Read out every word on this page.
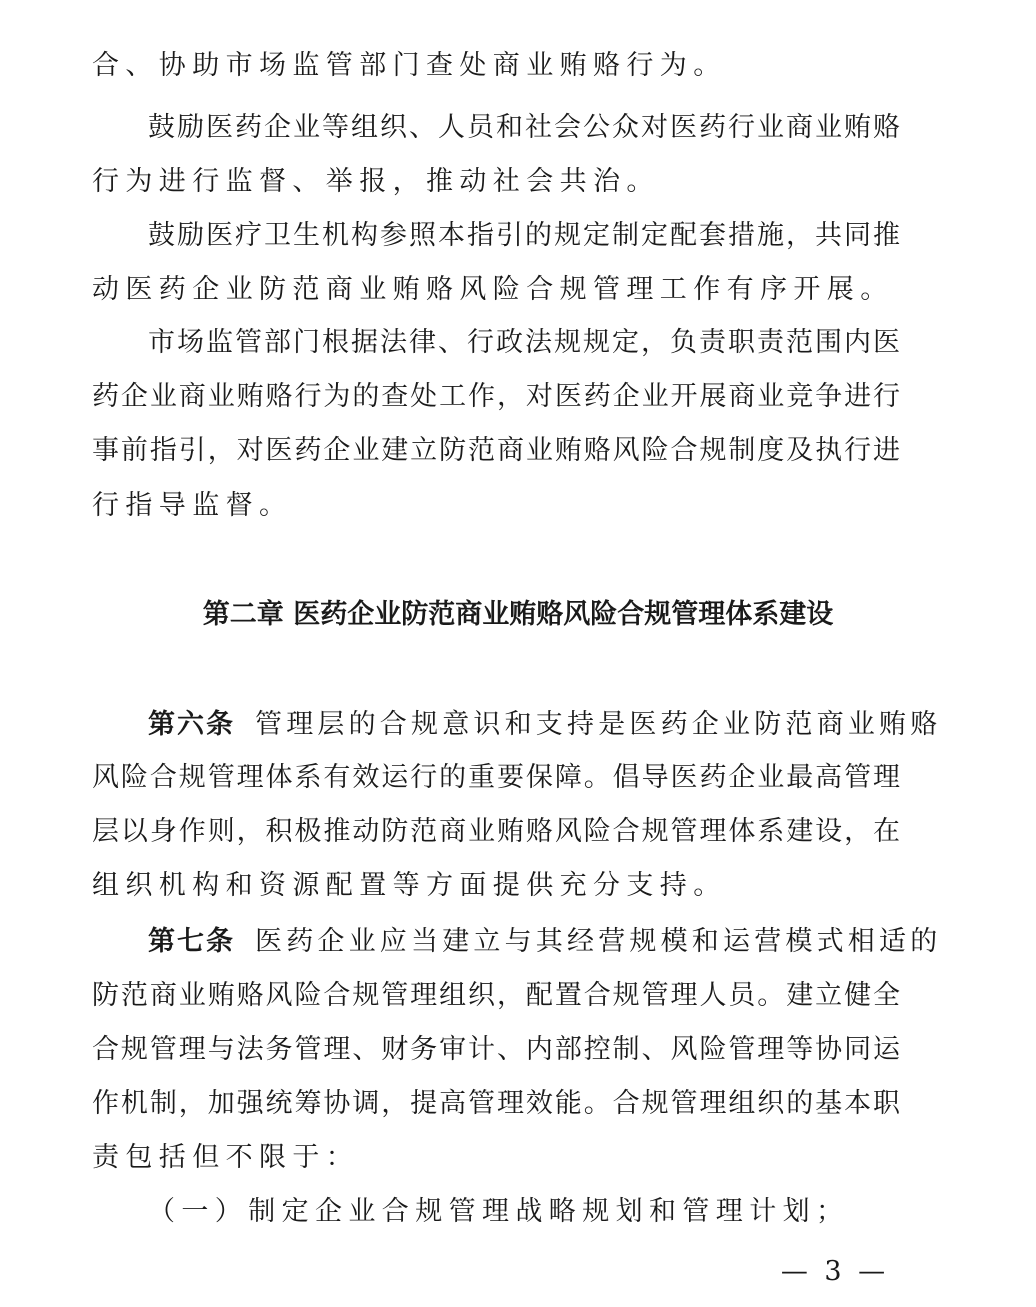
合、协助市场监管部门查处商业贿赂行为。
鼓励医药企业等组织、人员和社会公众对医药行业商业贿赂
行为进行监督、举报，推动社会共治。
鼓励医疗卫生机构参照本指引的规定制定配套措施，共同推
动医药企业防范商业贿赂风险合规管理工作有序开展。
市场监管部门根据法律、行政法规规定，负责职责范围内医
药企业商业贿赂行为的查处工作，对医药企业开展商业竞争进行
事前指引，对医药企业建立防范商业贿赂风险合规制度及执行进
行指导监督。
第二章 医药企业防范商业贿赂风险合规管理体系建设
第六条 管理层的合规意识和支持是医药企业防范商业贿赂
风险合规管理体系有效运行的重要保障。倡导医药企业最高管理
层以身作则，积极推动防范商业贿赂风险合规管理体系建设，在
组织机构和资源配置等方面提供充分支持。
第七条 医药企业应当建立与其经营规模和运营模式相适的
防范商业贿赂风险合规管理组织，配置合规管理人员。建立健全
合规管理与法务管理、财务审计、内部控制、风险管理等协同运
作机制，加强统筹协调，提高管理效能。合规管理组织的基本职
责包括但不限于：
（一）制定企业合规管理战略规划和管理计划；
— 3 —
